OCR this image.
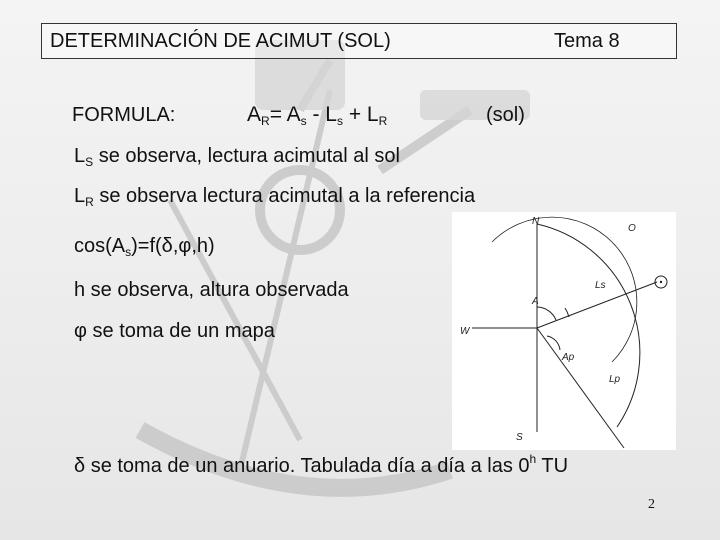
DETERMINACIÓN DE ACIMUT (SOL)	Tema 8
FORMULA:	$A_R= A_s - L_s + L_R$	(sol)
$L_S$ se observa, lectura acimutal al sol
$L_R$ se observa lectura acimutal a la referencia
$\cos(A_s)=f(\delta,\varphi,h)$
h se observa, altura observada
φ se toma de un mapa
N
O
W
S
A
Ls
Ap
Lp
δ se toma de un anuario. Tabulada día a día a las 0$^h$ TU
2
